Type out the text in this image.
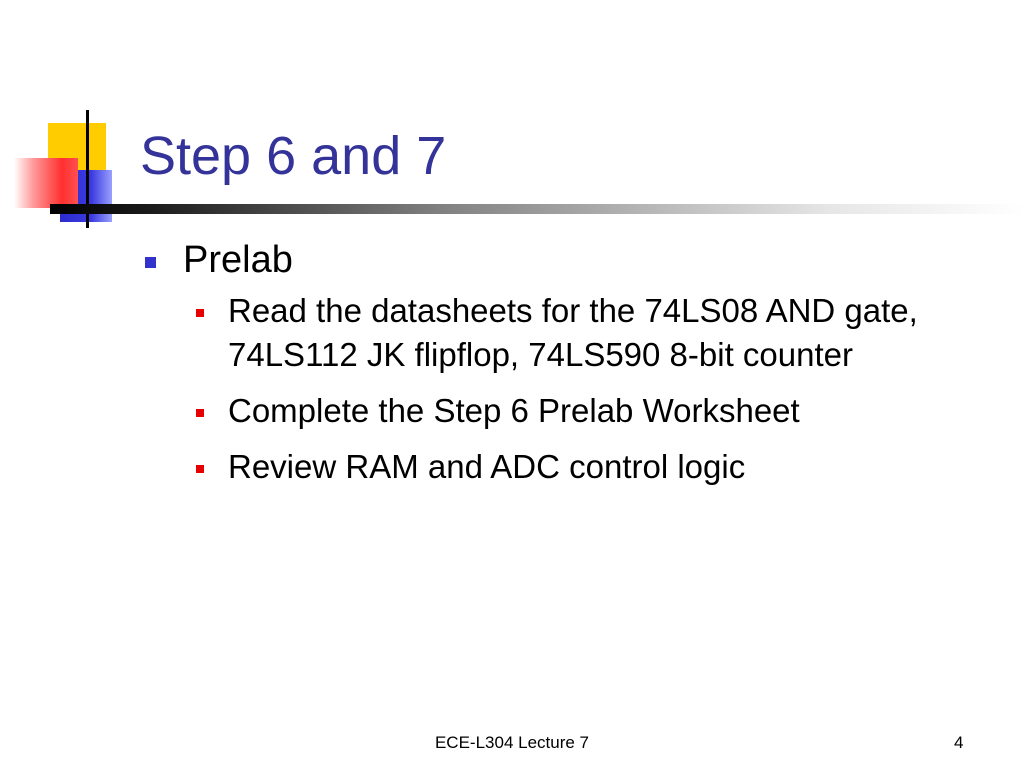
Step 6 and 7
Prelab
Read the datasheets for the 74LS08 AND gate, 74LS112 JK flipflop, 74LS590 8-bit counter
Complete the Step 6 Prelab Worksheet
Review RAM and ADC control logic
ECE-L304 Lecture 7	4
